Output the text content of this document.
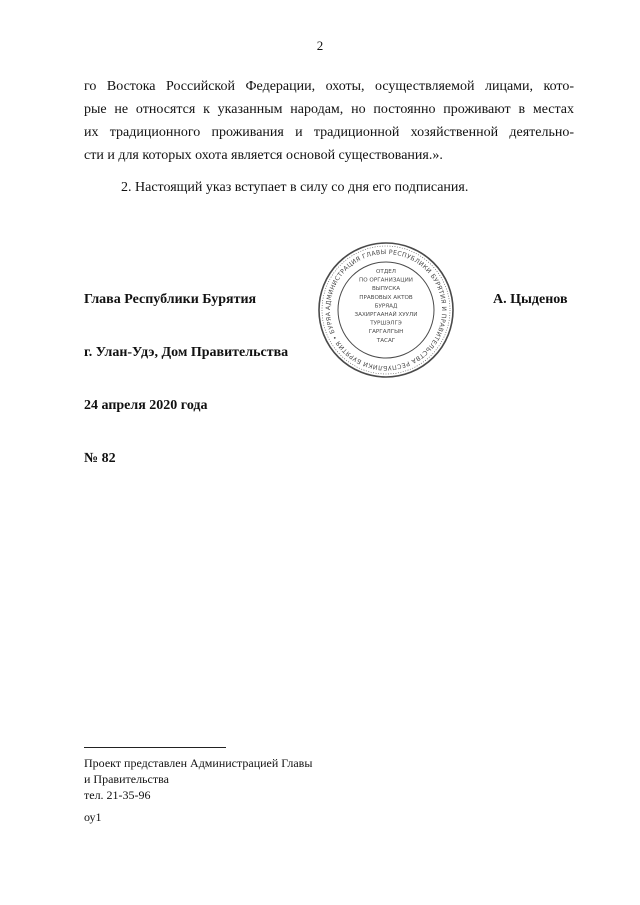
2
го Востока Российской Федерации, охоты, осуществляемой лицами, кото-
рые не относятся к указанным народам, но постоянно проживают в местах
их традиционного проживания и традиционной хозяйственной деятельно-
сти и для которых охота является основой существования.».
2. Настоящий указ вступает в силу со дня его подписания.
АДМИНИСТРАЦИЯ ГЛАВЫ РЕСПУБЛИКИ БУРЯТИЯ И ПРАВИТЕЛЬСТВА РЕСПУБЛИКИ БУРЯТИЯ • БУРЯА
ОТДЕЛ
ПО ОРГАНИЗАЦИИ
ВЫПУСКА
ПРАВОВЫХ АКТОВ
БУРЯАД
ЗАХИРГААНАЙ ХУУЛИ
ТУРШЭЛГЭ
ГАРГАЛГЫН
ТАСАГ
Глава Республики Бурятия	А. Цыденов
г. Улан-Удэ, Дом Правительства
24 апреля 2020 года
№ 82
Проект представлен Администрацией Главы
и Правительства
тел. 21-35-96
оу1
